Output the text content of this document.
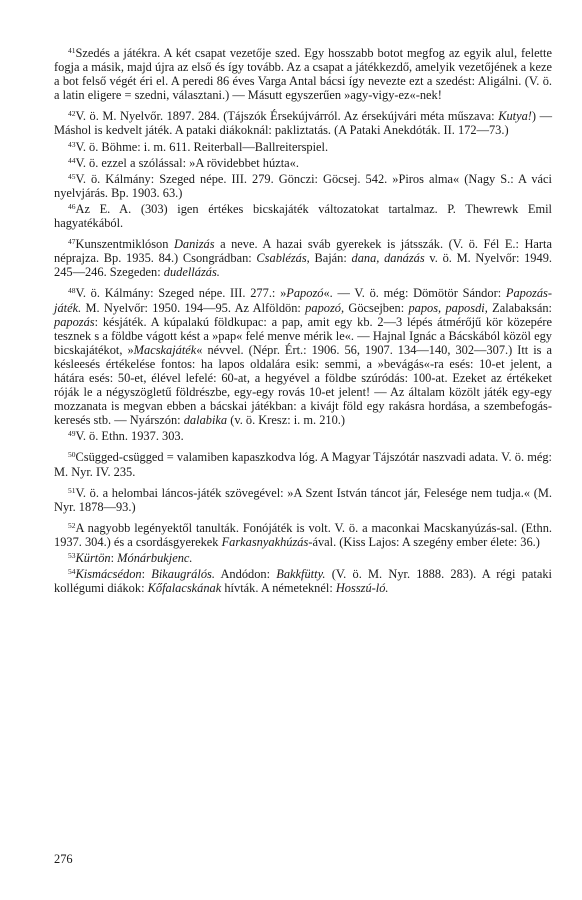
$^{41}$Szedés a játékra. A két csapat vezetője szed. Egy hosszabb botot megfog az egyik alul, felette fogja a másik, majd újra az első és így tovább. Az a csapat a játékkezdő, amelyik vezetőjének a keze a bot felső végét éri el. A peredi 86 éves Varga Antal bácsi így nevezte ezt a szedést: Aligálni. (V. ö. a latin eligere = szedni, választani.) — Másutt egyszerűen »agy-vigy-ez«-nek!

$^{42}$V. ö. M. Nyelvőr. 1897. 284. (Tájszók Érsekújvárról. Az érsekújvári méta műszava: Kutya!) — Máshol is kedvelt játék. A pataki diákoknál: pakliztatás. (A Pataki Anekdóták. II. 172—73.)

$^{43}$V. ö. Böhme: i. m. 611. Reiterball—Ballreiterspiel.

$^{44}$V. ö. ezzel a szólással: »A rövidebbet húzta«.

$^{45}$V. ö. Kálmány: Szeged népe. III. 279. Gönczi: Göcsej. 542. »Piros alma« (Nagy S.: A váci nyelvjárás. Bp. 1903. 63.)

$^{46}$Az E. A. (303) igen értékes bicskajáték változatokat tartalmaz. P. Thewrewk Emil hagyatékából.

$^{47}$Kunszentmiklóson Danizás a neve. A hazai sváb gyerekek is játsszák. (V. ö. Fél E.: Harta néprajza. Bp. 1935. 84.) Csongrádban: Csablézás, Baján: dana, danázás v. ö. M. Nyelvőr: 1949. 245—246. Szegeden: dudellázás.

$^{48}$V. ö. Kálmány: Szeged népe. III. 277.: »Papozó«. — V. ö. még: Dömötör Sándor: Papozás-játék. M. Nyelvőr: 1950. 194—95. Az Alföldön: papozó, Göcsejben: papos, paposdi, Zalabaksán: papozás: késjáték. A kúpalakú földkupac: a pap, amit egy kb. 2—3 lépés átmérőjű kör közepére tesznek s a földbe vágott kést a »pap« felé menve mérik le«. — Hajnal Ignác a Bácskából közöl egy bicskajátékot, »Macskajáték« névvel. (Népr. Ért.: 1906. 56, 1907. 134—140, 302—307.) Itt is a késleesés értékelése fontos: ha lapos oldalára esik: semmi, a »bevágás«-ra esés: 10-et jelent, a hátára esés: 50-et, élével lefelé: 60-at, a hegyével a földbe szúródás: 100-at. Ezeket az értékeket róják le a négyszögletű földrészbe, egy-egy rovás 10-et jelent! — Az általam közölt játék egy-egy mozzanata is megvan ebben a bácskai játékban: a kivájt föld egy rakásra hordása, a szembefogás-keresés stb. — Nyárszón: dalabika (v. ö. Kresz: i. m. 210.)

$^{49}$V. ö. Ethn. 1937. 303.

$^{50}$Csügged-csügged = valamiben kapaszkodva lóg. A Magyar Tájszótár naszvadi adata. V. ö. még: M. Nyr. IV. 235.

$^{51}$V. ö. a helombai láncos-játék szövegével: »A Szent István táncot jár, Felesége nem tudja.« (M. Nyr. 1878—93.)

$^{52}$A nagyobb legényektől tanulták. Fonójáték is volt. V. ö. a maconkai Macskanyúzás-sal. (Ethn. 1937. 304.) és a csordásgyerekek Farkasnyakhúzás-ával. (Kiss Lajos: A szegény ember élete: 36.)

$^{53}$Kürtön: Mónárbukjenc.

$^{54}$Kismácsédon: Bikaugrálós. Andódon: Bakkfütty. (V. ö. M. Nyr. 1888. 283). A régi pataki kollégumi diákok: Kőfalacskának hívták. A németeknél: Hosszú-ló.

276
